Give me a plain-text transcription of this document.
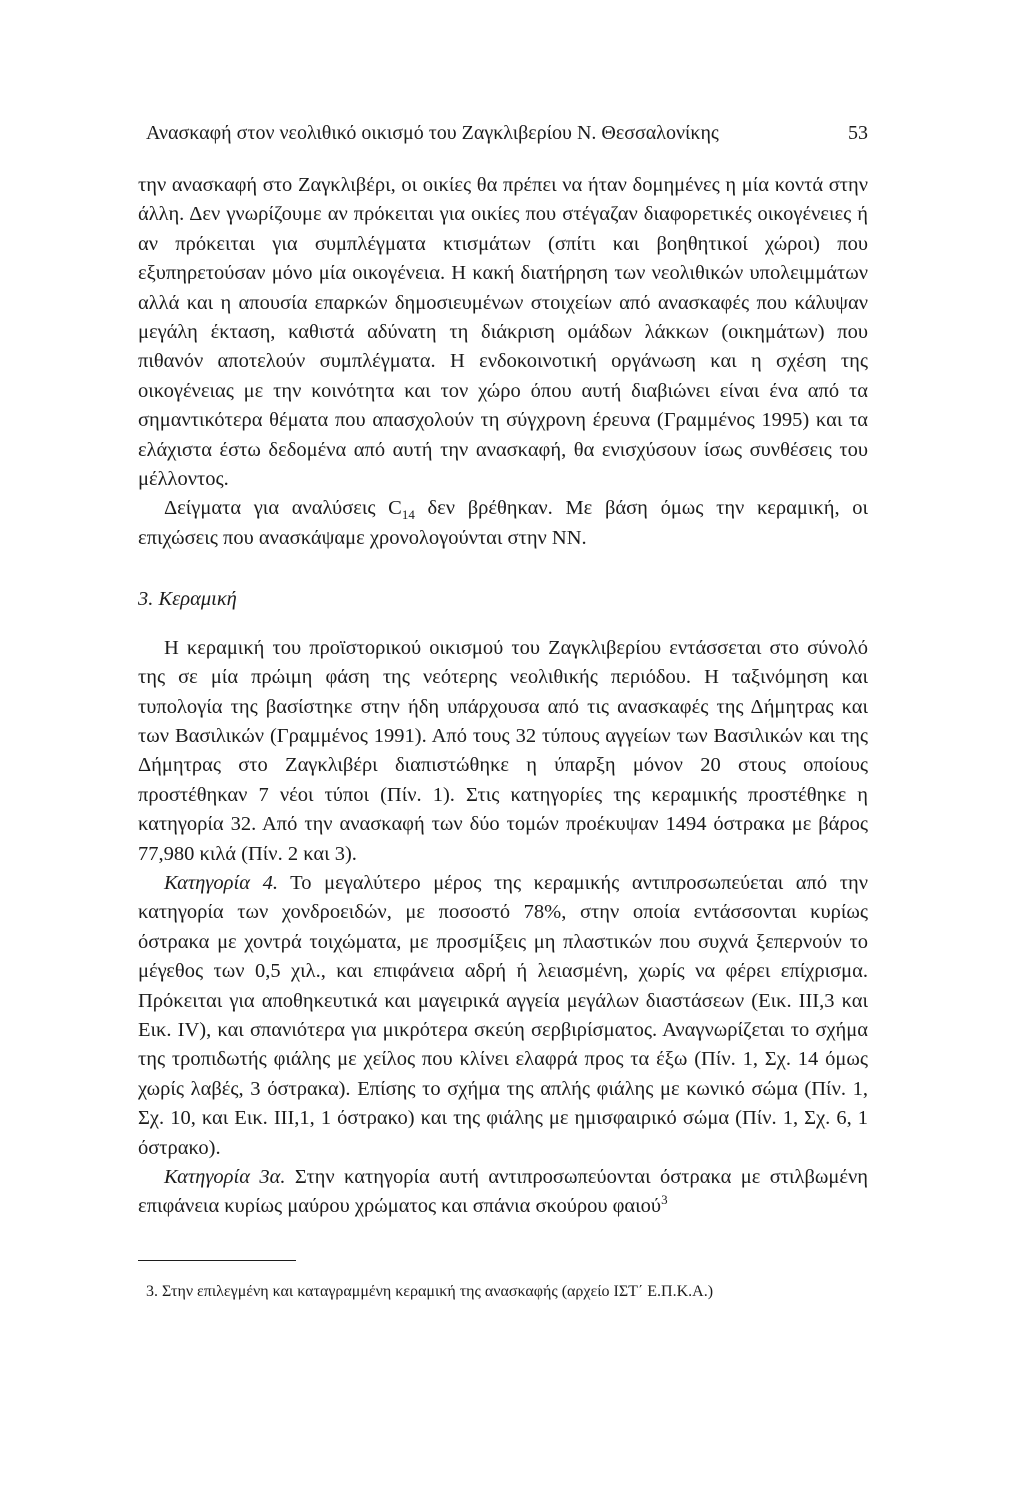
Ανασκαφή στον νεολιθικό οικισμό του Ζαγκλιβερίου Ν. Θεσσαλονίκης	53

την ανασκαφή στο Ζαγκλιβέρι, οι οικίες θα πρέπει να ήταν δομημένες η μία κοντά στην άλλη. Δεν γνωρίζουμε αν πρόκειται για οικίες που στέγαζαν διαφορετικές οικογένειες ή αν πρόκειται για συμπλέγματα κτισμάτων (σπίτι και βοηθητικοί χώροι) που εξυπηρετούσαν μόνο μία οικογένεια. Η κακή διατήρηση των νεολιθικών υπολειμμάτων αλλά και η απουσία επαρκών δημοσιευμένων στοιχείων από ανασκαφές που κάλυψαν μεγάλη έκταση, καθιστά αδύνατη τη διάκριση ομάδων λάκκων (οικημάτων) που πιθανόν αποτελούν συμπλέγματα. Η ενδοκοινοτική οργάνωση και η σχέση της οικογένειας με την κοινότητα και τον χώρο όπου αυτή διαβιώνει είναι ένα από τα σημαντικότερα θέματα που απασχολούν τη σύγχρονη έρευνα (Γραμμένος 1995) και τα ελάχιστα έστω δεδομένα από αυτή την ανασκαφή, θα ενισχύσουν ίσως συνθέσεις του μέλλοντος.

Δείγματα για αναλύσεις $C_{14}$ δεν βρέθηκαν. Με βάση όμως την κεραμική, οι επιχώσεις που ανασκάψαμε χρονολογούνται στην ΝΝ.

3. Κεραμική

Η κεραμική του προϊστορικού οικισμού του Ζαγκλιβερίου εντάσσεται στο σύνολό της σε μία πρώιμη φάση της νεότερης νεολιθικής περιόδου. Η ταξινόμηση και τυπολογία της βασίστηκε στην ήδη υπάρχουσα από τις ανασκαφές της Δήμητρας και των Βασιλικών (Γραμμένος 1991). Από τους 32 τύπους αγγείων των Βασιλικών και της Δήμητρας στο Ζαγκλιβέρι διαπιστώθηκε η ύπαρξη μόνον 20 στους οποίους προστέθηκαν 7 νέοι τύποι (Πίν. 1). Στις κατηγορίες της κεραμικής προστέθηκε η κατηγορία 32. Από την ανασκαφή των δύο τομών προέκυψαν 1494 όστρακα με βάρος 77,980 κιλά (Πίν. 2 και 3).

Κατηγορία 4. Το μεγαλύτερο μέρος της κεραμικής αντιπροσωπεύεται από την κατηγορία των χονδροειδών, με ποσοστό 78%, στην οποία εντάσσονται κυρίως όστρακα με χοντρά τοιχώματα, με προσμίξεις μη πλαστικών που συχνά ξεπερνούν το μέγεθος των 0,5 χιλ., και επιφάνεια αδρή ή λειασμένη, χωρίς να φέρει επίχρισμα. Πρόκειται για αποθηκευτικά και μαγειρικά αγγεία μεγάλων διαστάσεων (Εικ. ΙΙΙ,3 και Εικ. IV), και σπανιότερα για μικρότερα σκεύη σερβιρίσματος. Αναγνωρίζεται το σχήμα της τροπιδωτής φιάλης με χείλος που κλίνει ελαφρά προς τα έξω (Πίν. 1, Σχ. 14 όμως χωρίς λαβές, 3 όστρακα). Επίσης το σχήμα της απλής φιάλης με κωνικό σώμα (Πίν. 1, Σχ. 10, και Εικ. ΙΙΙ,1, 1 όστρακο) και της φιάλης με ημισφαιρικό σώμα (Πίν. 1, Σχ. 6, 1 όστρακο).

Κατηγορία 3α. Στην κατηγορία αυτή αντιπροσωπεύονται όστρακα με στιλβωμένη επιφάνεια κυρίως μαύρου χρώματος και σπάνια σκούρου φαιού$^3$

3. Στην επιλεγμένη και καταγραμμένη κεραμική της ανασκαφής (αρχείο ΙΣΤ΄ Ε.Π.Κ.Α.)
